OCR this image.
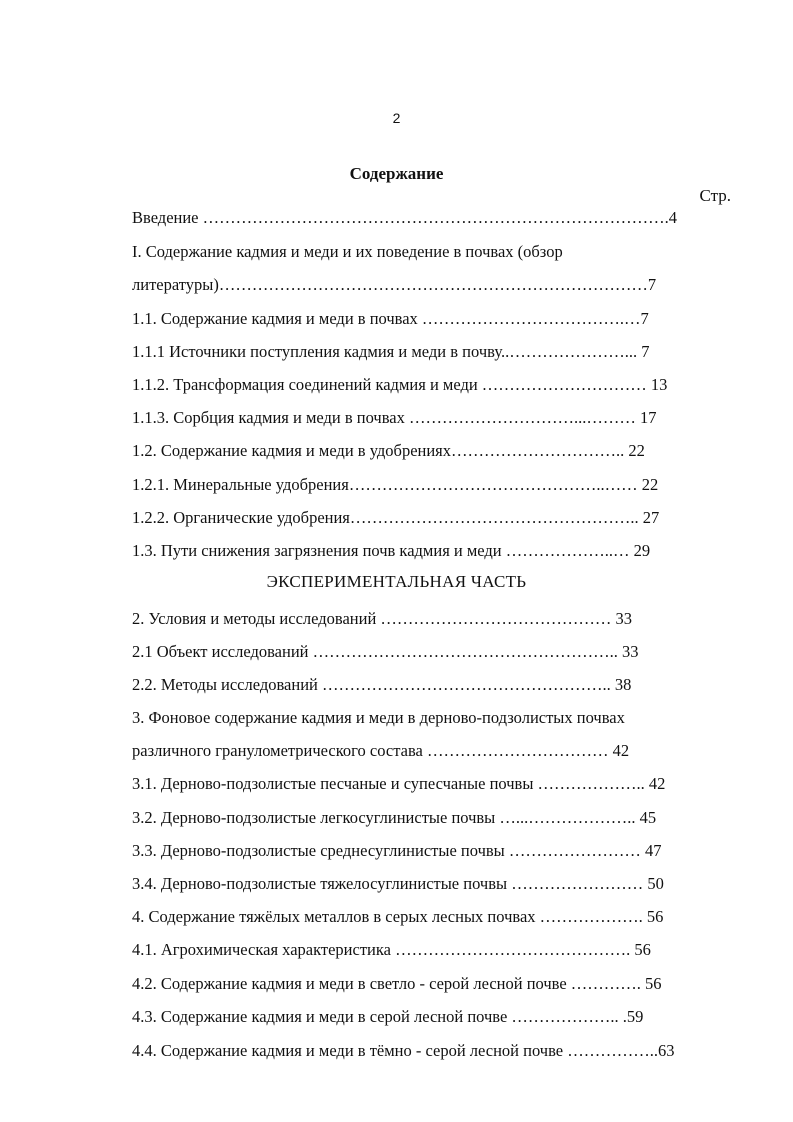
2
Содержание
Стр.
Введение ………………………………………………………………………….4
I. Содержание кадмия и меди и их поведение в почвах (обзор
литературы)……………………………………………………………………7
1.1. Содержание кадмия и меди в почвах ……………………………….…7
1.1.1 Источники поступления кадмия и меди в почву..…………………... 7
1.1.2. Трансформация соединений кадмия и меди ………………………… 13
1.1.3. Сорбция кадмия и меди в почвах …………………………...……… 17
1.2. Содержание кадмия и меди в удобрениях………………………….. 22
1.2.1. Минеральные удобрения………………………………………..…… 22
1.2.2. Органические удобрения…………………………………………….. 27
1.3. Пути снижения загрязнения почв кадмия и меди ………………..… 29
2. Условия и методы исследований …………………………………… 33
2.1 Объект исследований ……………………………………………….. 33
2.2. Методы исследований …………………………………………….. 38
3. Фоновое содержание кадмия и меди в дерново-подзолистых почвах
различного гранулометрического состава …………………………… 42
3.1. Дерново-подзолистые песчаные и супесчаные почвы ……………….. 42
3.2. Дерново-подзолистые легкосуглинистые почвы …...……………….. 45
3.3. Дерново-подзолистые среднесуглинистые почвы …………………… 47
3.4. Дерново-подзолистые тяжелосуглинистые почвы …………………… 50
4. Содержание тяжёлых металлов в серых лесных почвах ………………. 56
4.1. Агрохимическая характеристика ……………………………………. 56
4.2. Содержание кадмия и меди в светло - серой лесной почве …………. 56
4.3. Содержание кадмия и меди в серой лесной почве ……………….. .59
4.4. Содержание кадмия и меди в тёмно - серой лесной почве ……………..63
ЭКСПЕРИМЕНТАЛЬНАЯ ЧАСТЬ
